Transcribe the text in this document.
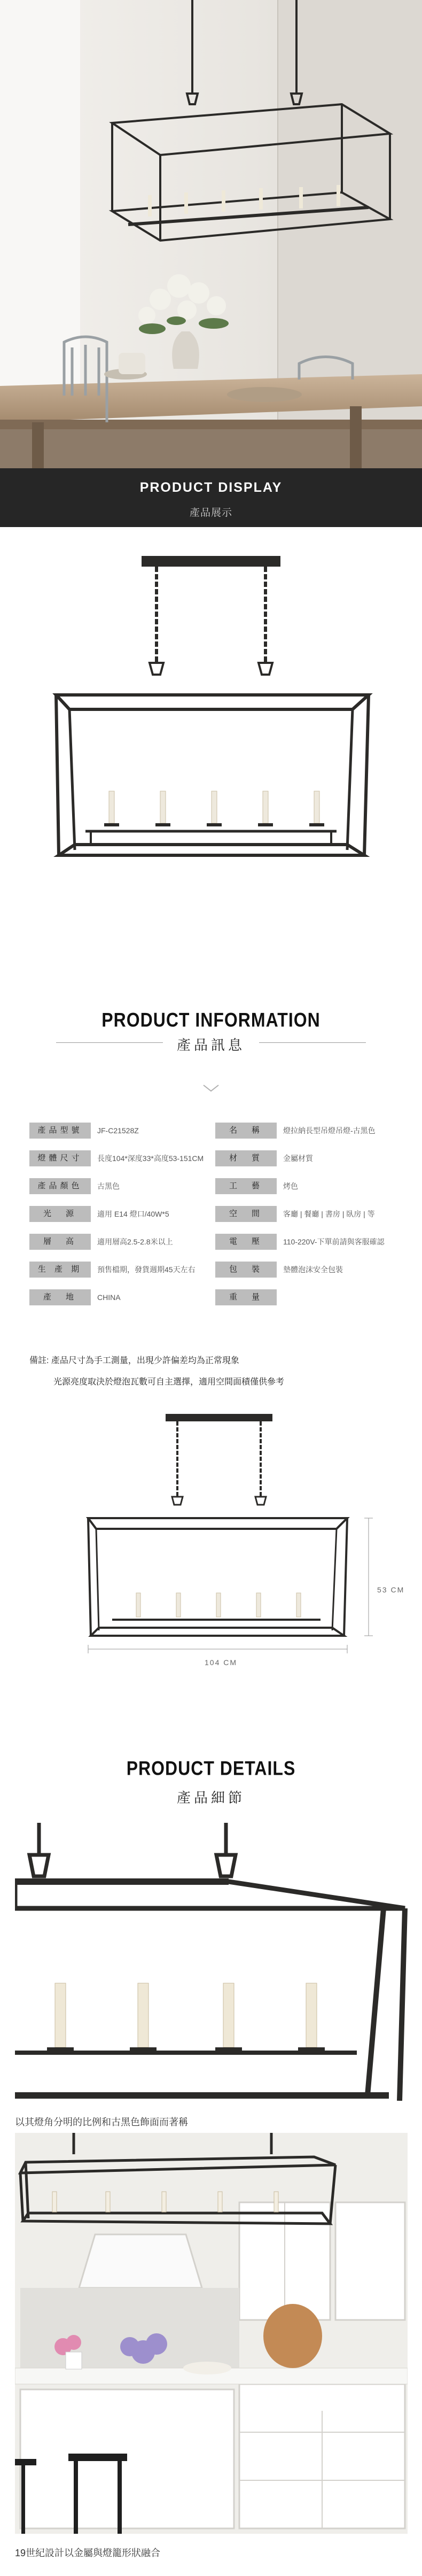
PRODUCT DISPLAY
產品展示
PRODUCT INFORMATION
產品訊息
產品型號	JF-C21528Z	名　稱	燈拉納長型吊燈吊燈-古黑色
燈體尺寸	長度104*深度33*高度53-151CM	材　質	金屬材質
產品顏色	古黑色	工　藝	烤色
光　源	適用 E14 燈口/40W*5	空　間	客廳 | 餐廳 | 書房 | 臥房 | 等
層　高	適用層高2.5-2.8米以上	電　壓	110-220V-下單前請與客服確認
生 產 期	預售檔期，發貨週期45天左右	包　裝	墊體泡沫安全包裝
產　地	CHINA	重　量
備註: 產品尺寸為手工測量，出現少許偏差均為正常現象
光源亮度取決於燈泡瓦數可自主選擇，適用空間面積僅供參考
53 CM
104 CM
PRODUCT DETAILS
產品細節
以其燈角分明的比例和古黑色飾面而著稱
19世紀設計以金屬與燈籠形狀融合
